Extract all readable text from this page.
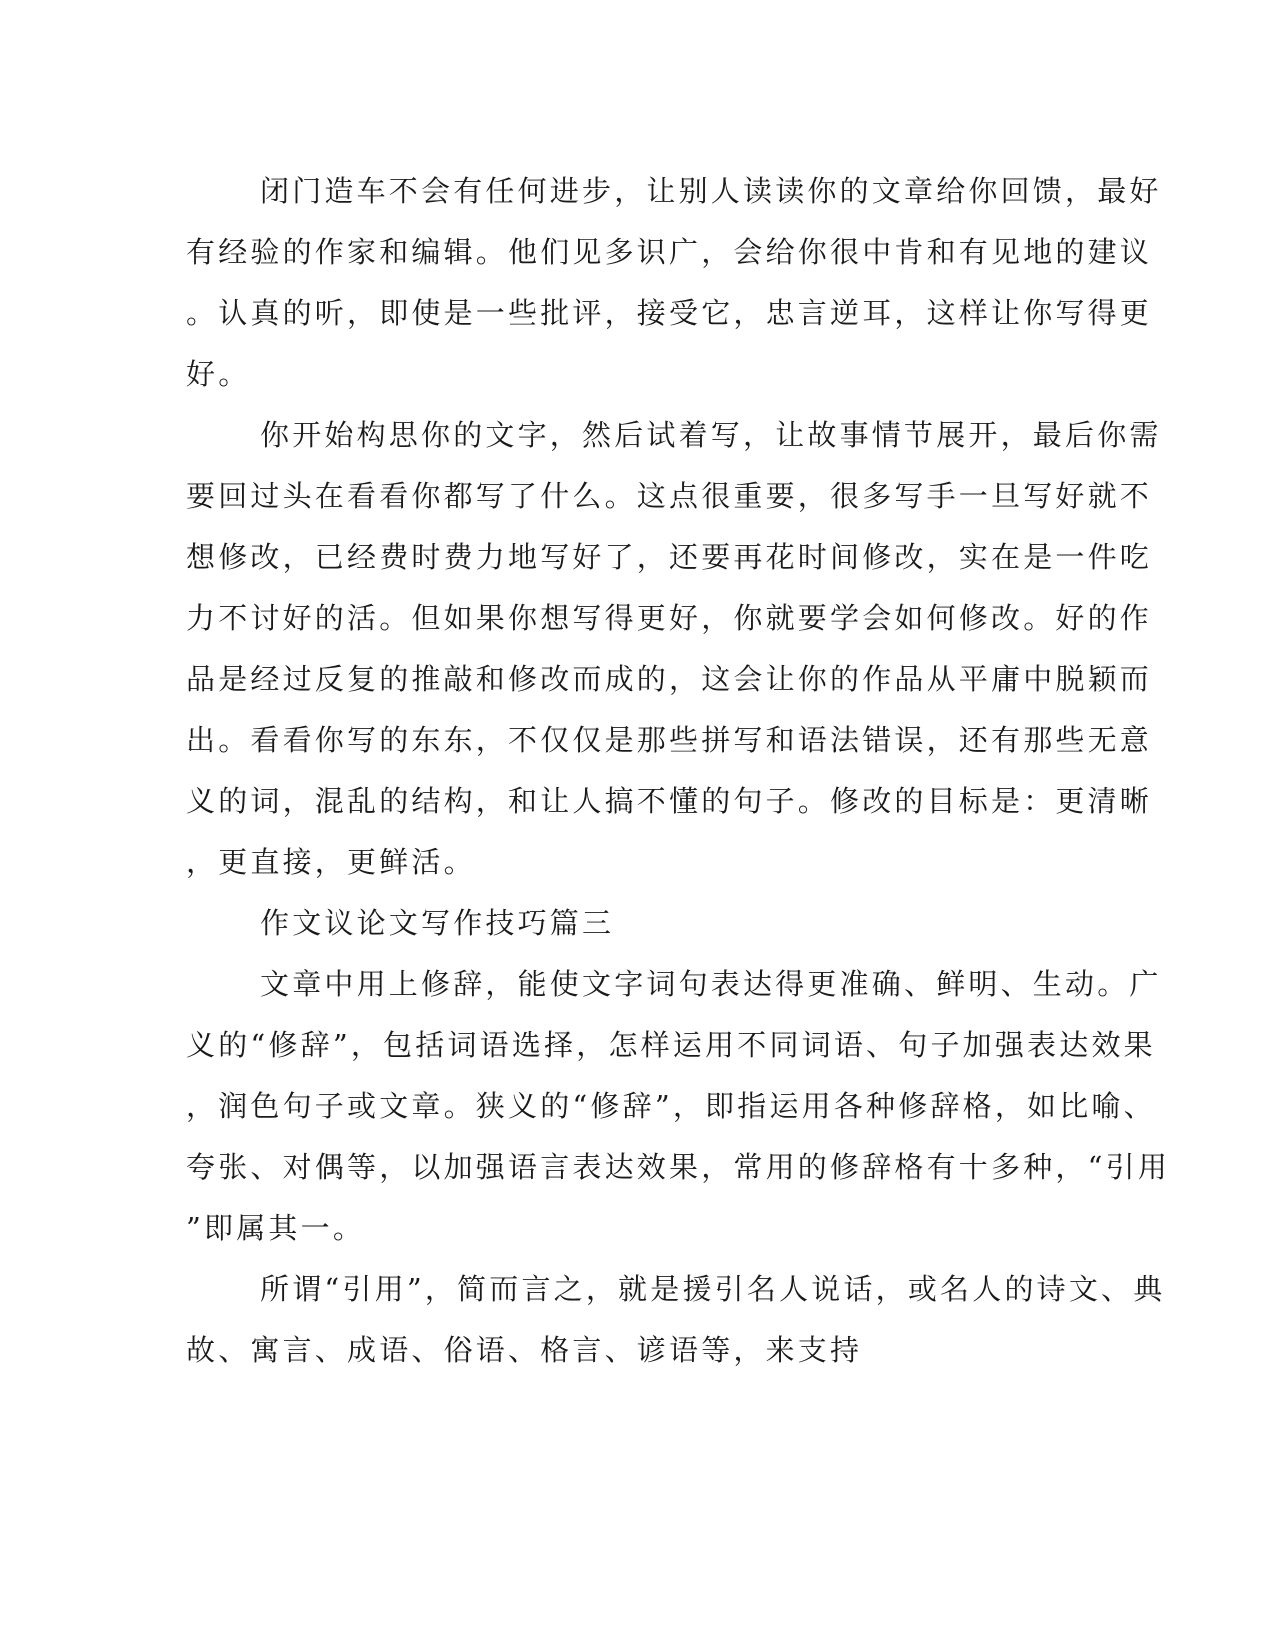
闭门造车不会有任何进步，让别人读读你的文章给你回馈，最好
有经验的作家和编辑。他们见多识广，会给你很中肯和有见地的建议
。认真的听，即使是一些批评，接受它，忠言逆耳，这样让你写得更
好。
你开始构思你的文字，然后试着写，让故事情节展开，最后你需
要回过头在看看你都写了什么。这点很重要，很多写手一旦写好就不
想修改，已经费时费力地写好了，还要再花时间修改，实在是一件吃
力不讨好的活。但如果你想写得更好，你就要学会如何修改。好的作
品是经过反复的推敲和修改而成的，这会让你的作品从平庸中脱颖而
出。看看你写的东东，不仅仅是那些拼写和语法错误，还有那些无意
义的词，混乱的结构，和让人搞不懂的句子。修改的目标是：更清晰
，更直接，更鲜活。
作文议论文写作技巧篇三
文章中用上修辞，能使文字词句表达得更准确、鲜明、生动。广
义的“修辞”，包括词语选择，怎样运用不同词语、句子加强表达效果
，润色句子或文章。狭义的“修辞”，即指运用各种修辞格，如比喻、
夸张、对偶等，以加强语言表达效果，常用的修辞格有十多种，“引用
”即属其一。
所谓“引用”，简而言之，就是援引名人说话，或名人的诗文、典
故、寓言、成语、俗语、格言、谚语等，来支持
